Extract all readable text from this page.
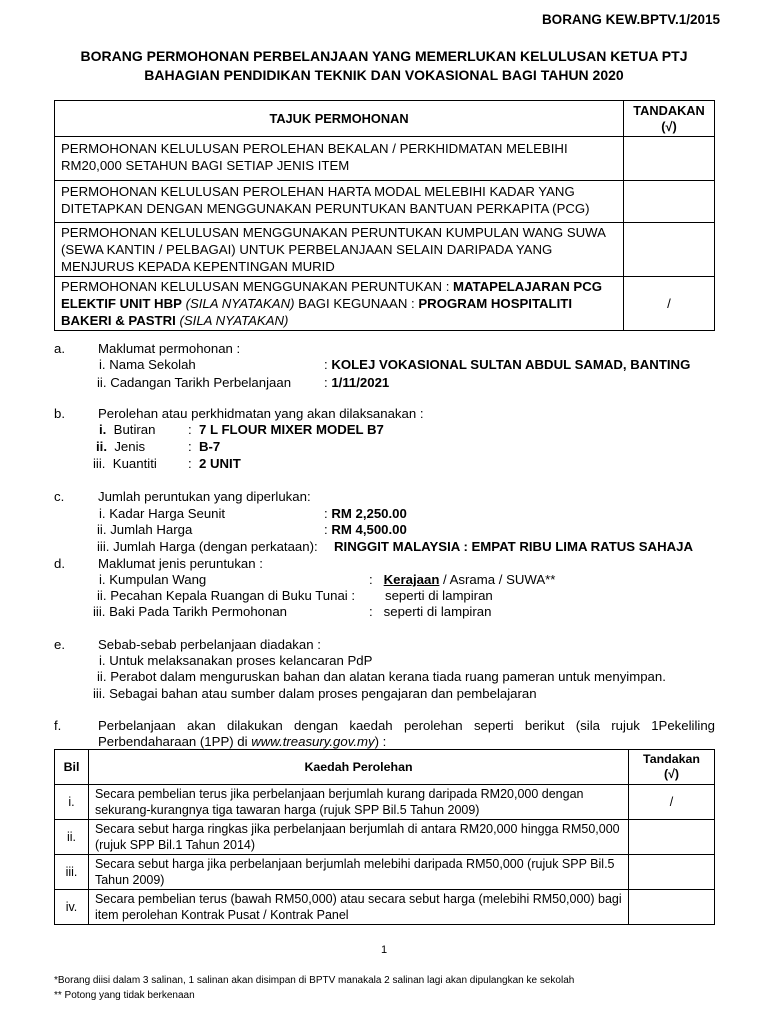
BORANG KEW.BPTV.1/2015
BORANG PERMOHONAN PERBELANJAAN YANG MEMERLUKAN KELULUSAN KETUA PTJ
BAHAGIAN PENDIDIKAN TEKNIK DAN VOKASIONAL BAGI TAHUN 2020
TAJUK PERMOHONAN	TANDAKAN
(√)
PERMOHONAN KELULUSAN PEROLEHAN BEKALAN / PERKHIDMATAN MELEBIHI RM20,000 SETAHUN BAGI SETIAP JENIS ITEM	
PERMOHONAN KELULUSAN PEROLEHAN HARTA MODAL MELEBIHI KADAR YANG DITETAPKAN DENGAN MENGGUNAKAN PERUNTUKAN BANTUAN PERKAPITA (PCG)	
PERMOHONAN KELULUSAN MENGGUNAKAN PERUNTUKAN KUMPULAN WANG SUWA (SEWA KANTIN / PELBAGAI) UNTUK PERBELANJAAN SELAIN DARIPADA YANG MENJURUS KEPADA KEPENTINGAN MURID	
PERMOHONAN KELULUSAN MENGGUNAKAN PERUNTUKAN : MATAPELAJARAN PCG ELEKTIF UNIT HBP (SILA NYATAKAN) BAGI KEGUNAAN : PROGRAM HOSPITALITI BAKERI & PASTRI (SILA NYATAKAN)	/
a.	Maklumat permohonan :
i. Nama Sekolah	: KOLEJ VOKASIONAL SULTAN ABDUL SAMAD, BANTING
ii. Cadangan Tarikh Perbelanjaan : 1/11/2021
b.	Perolehan atau perkhidmatan yang akan dilaksanakan :
i. Butiran :  7 L FLOUR MIXER MODEL B7
ii. Jenis	:  B-7
iii. Kuantiti :  2 UNIT
c.	Jumlah peruntukan yang diperlukan:
i. Kadar Harga Seunit	: RM 2,250.00
ii. Jumlah Harga	: RM 4,500.00
iii. Jumlah Harga (dengan perkataan): RINGGIT MALAYSIA : EMPAT RIBU LIMA RATUS SAHAJA
d.	Maklumat jenis peruntukan :
i. Kumpulan Wang	:   Kerajaan / Asrama / SUWA**
ii. Pecahan Kepala Ruangan di Buku Tunai : seperti di lampiran
iii. Baki Pada Tarikh Permohonan	:   seperti di lampiran
e.	Sebab-sebab perbelanjaan diadakan :
i. Untuk melaksanakan proses kelancaran PdP
ii. Perabot dalam menguruskan bahan dan alatan kerana tiada ruang pameran untuk menyimpan.
iii. Sebagai bahan atau sumber dalam proses pengajaran dan pembelajaran
f.	Perbelanjaan akan dilakukan dengan kaedah perolehan seperti berikut (sila rujuk 1Pekeliling
Perbendaharaan (1PP) di www.treasury.gov.my) :
Bil	Kaedah Perolehan	Tandakan
(√)
i.	Secara pembelian terus jika perbelanjaan berjumlah kurang daripada RM20,000 dengan sekurang-kurangnya tiga tawaran harga (rujuk SPP Bil.5 Tahun 2009)	/
ii.	Secara sebut harga ringkas jika perbelanjaan berjumlah di antara RM20,000 hingga RM50,000 (rujuk SPP Bil.1 Tahun 2014)	
iii.	Secara sebut harga jika perbelanjaan berjumlah melebihi daripada RM50,000 (rujuk SPP Bil.5 Tahun 2009)	
iv.	Secara pembelian terus (bawah RM50,000) atau secara sebut harga (melebihi RM50,000) bagi item perolehan Kontrak Pusat / Kontrak Panel	
1
*Borang diisi dalam 3 salinan, 1 salinan akan disimpan di BPTV manakala 2 salinan lagi akan dipulangkan ke sekolah
** Potong yang tidak berkenaan
